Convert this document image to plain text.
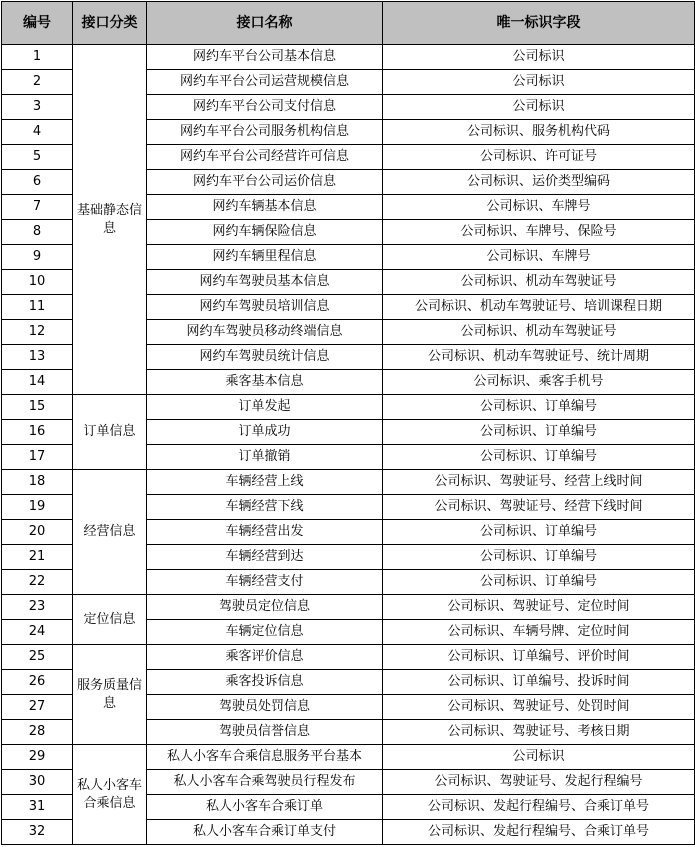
编号	接口分类	接口名称	唯一标识字段
1	基础静态信息	网约车平台公司基本信息	公司标识
2		网约车平台公司运营规模信息	公司标识
3		网约车平台公司支付信息	公司标识
4		网约车平台公司服务机构信息	公司标识、服务机构代码
5		网约车平台公司经营许可信息	公司标识、许可证号
6		网约车平台公司运价信息	公司标识、运价类型编码
7		网约车辆基本信息	公司标识、车牌号
8		网约车辆保险信息	公司标识、车牌号、保险号
9		网约车辆里程信息	公司标识、车牌号
10		网约车驾驶员基本信息	公司标识、机动车驾驶证号
11		网约车驾驶员培训信息	公司标识、机动车驾驶证号、培训课程日期
12		网约车驾驶员移动终端信息	公司标识、机动车驾驶证号
13		网约车驾驶员统计信息	公司标识、机动车驾驶证号、统计周期
14		乘客基本信息	公司标识、乘客手机号
15	订单信息	订单发起	公司标识、订单编号
16		订单成功	公司标识、订单编号
17		订单撤销	公司标识、订单编号
18	经营信息	车辆经营上线	公司标识、驾驶证号、经营上线时间
19		车辆经营下线	公司标识、驾驶证号、经营下线时间
20		车辆经营出发	公司标识、订单编号
21		车辆经营到达	公司标识、订单编号
22		车辆经营支付	公司标识、订单编号
23	定位信息	驾驶员定位信息	公司标识、驾驶证号、定位时间
24		车辆定位信息	公司标识、车辆号牌、定位时间
25	服务质量信息	乘客评价信息	公司标识、订单编号、评价时间
26		乘客投诉信息	公司标识、订单编号、投诉时间
27		驾驶员处罚信息	公司标识、驾驶证号、处罚时间
28		驾驶员信誉信息	公司标识、驾驶证号、考核日期
29	私人小客车合乘信息	私人小客车合乘信息服务平台基本	公司标识
30		私人小客车合乘驾驶员行程发布	公司标识、驾驶证号、发起行程编号
31		私人小客车合乘订单	公司标识、发起行程编号、合乘订单号
32		私人小客车合乘订单支付	公司标识、发起行程编号、合乘订单号
